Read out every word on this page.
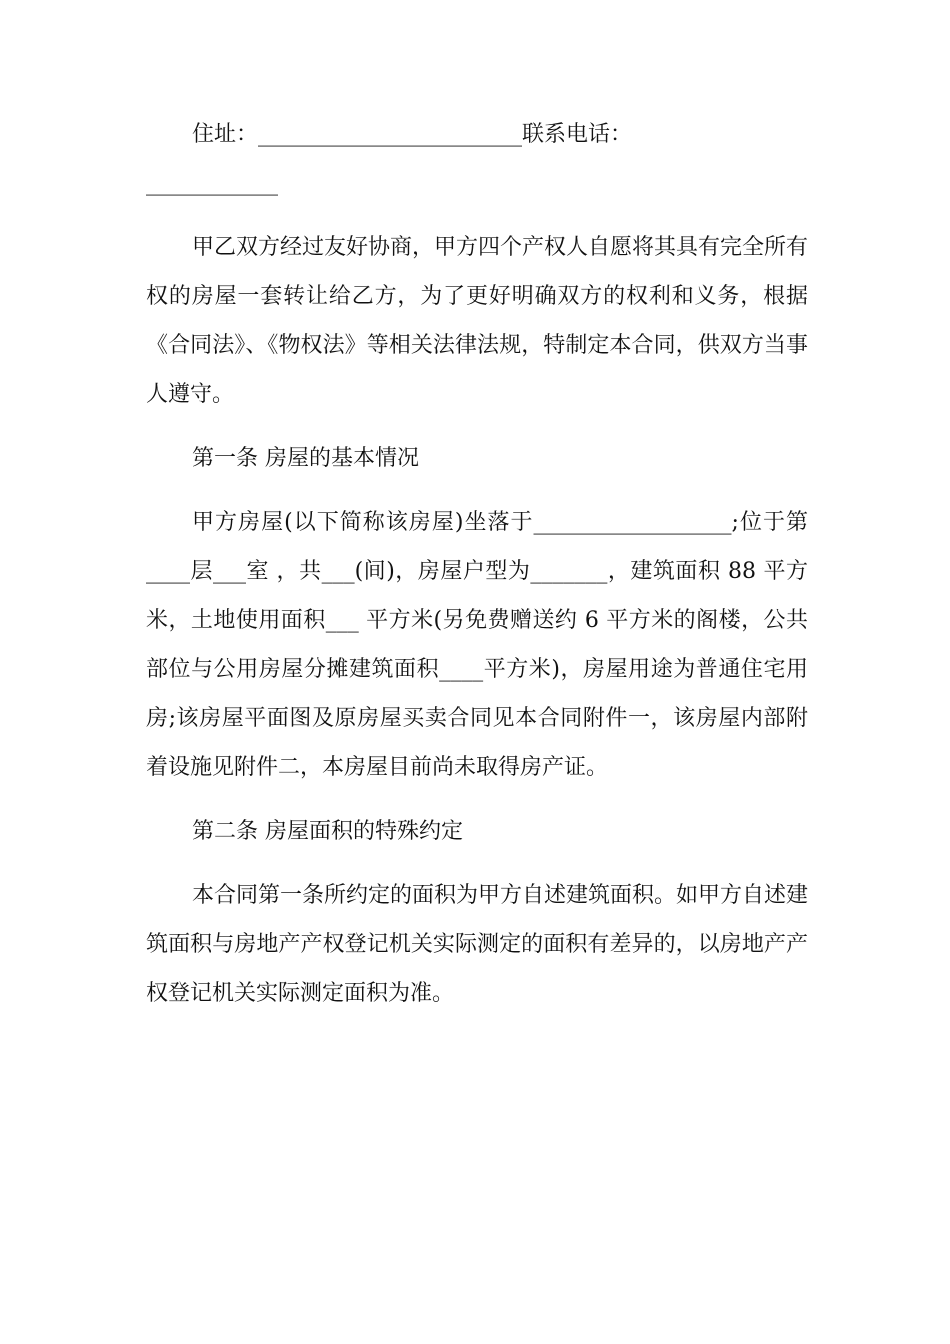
住址：________________________联系电话：

____________

甲乙双方经过友好协商，甲方四个产权人自愿将其具有完全所有权的房屋一套转让给乙方，为了更好明确双方的权利和义务，根据《合同法》、《物权法》等相关法律法规，特制定本合同，供双方当事人遵守。

第一条 房屋的基本情况

甲方房屋(以下简称该房屋)坐落于__________________;位于第____层___室 ，共___(间)，房屋户型为_______，建筑面积 88 平方米，土地使用面积___ 平方米(另免费赠送约 6 平方米的阁楼，公共部位与公用房屋分摊建筑面积____平方米)，房屋用途为普通住宅用房;该房屋平面图及原房屋买卖合同见本合同附件一，该房屋内部附着设施见附件二，本房屋目前尚未取得房产证。

第二条 房屋面积的特殊约定

本合同第一条所约定的面积为甲方自述建筑面积。如甲方自述建筑面积与房地产产权登记机关实际测定的面积有差异的，以房地产产权登记机关实际测定面积为准。
